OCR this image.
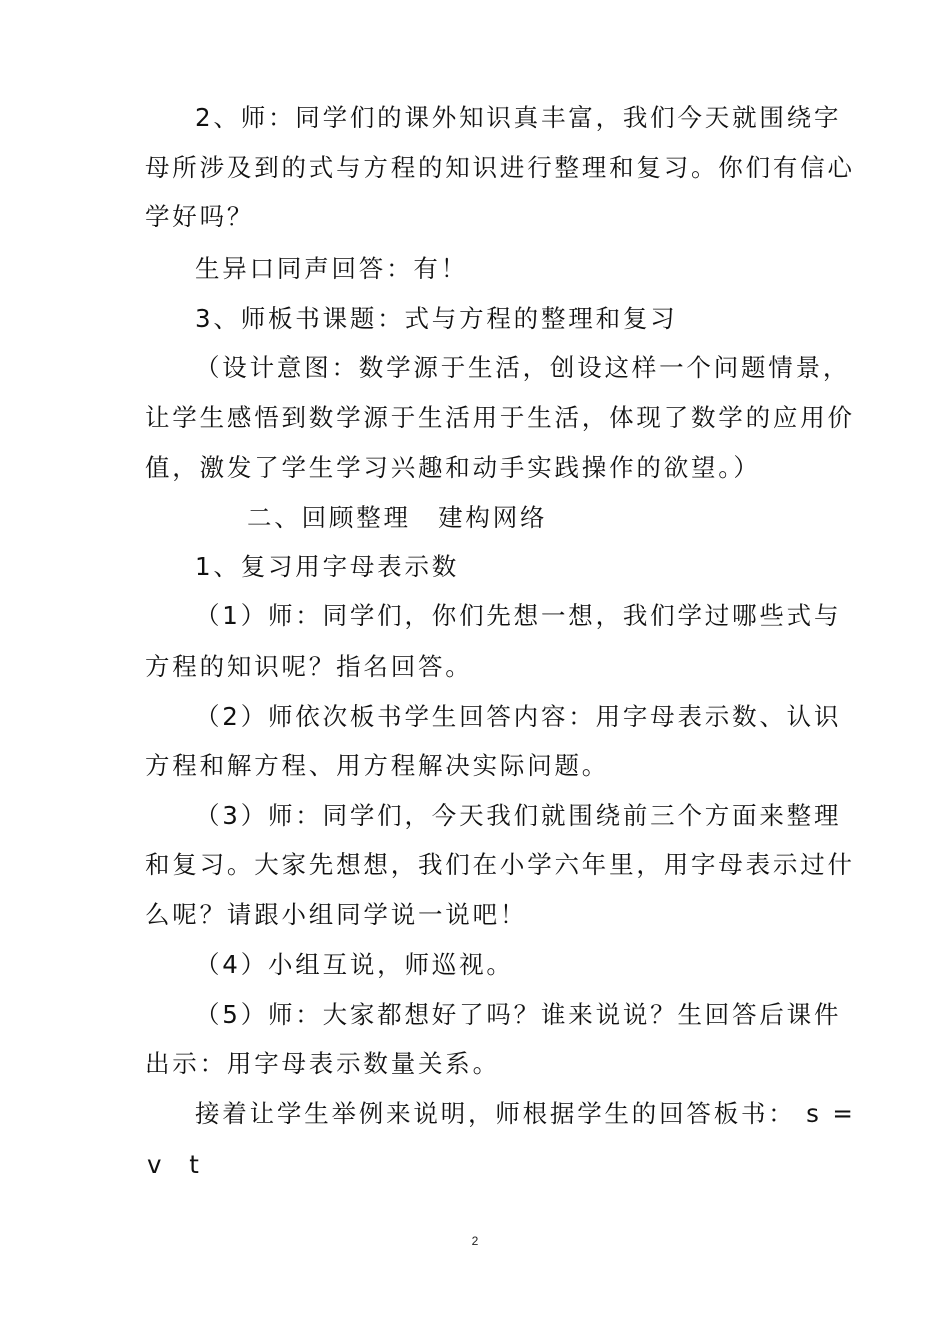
2、师：同学们的课外知识真丰富，我们今天就围绕字
母所涉及到的式与方程的知识进行整理和复习。你们有信心
学好吗？
生异口同声回答：有！
3、师板书课题：式与方程的整理和复习
（设计意图：数学源于生活，创设这样一个问题情景，
让学生感悟到数学源于生活用于生活，体现了数学的应用价
值，激发了学生学习兴趣和动手实践操作的欲望。）
二、回顾整理　建构网络
1、复习用字母表示数
（1）师：同学们，你们先想一想，我们学过哪些式与
方程的知识呢？指名回答。
（2）师依次板书学生回答内容：用字母表示数、认识
方程和解方程、用方程解决实际问题。
（3）师：同学们，今天我们就围绕前三个方面来整理
和复习。大家先想想，我们在小学六年里，用字母表示过什
么呢？请跟小组同学说一说吧！
（4）小组互说，师巡视。
（5）师：大家都想好了吗？谁来说说？生回答后课件
出示：用字母表示数量关系。
接着让学生举例来说明，师根据学生的回答板书： s =
v t
2
